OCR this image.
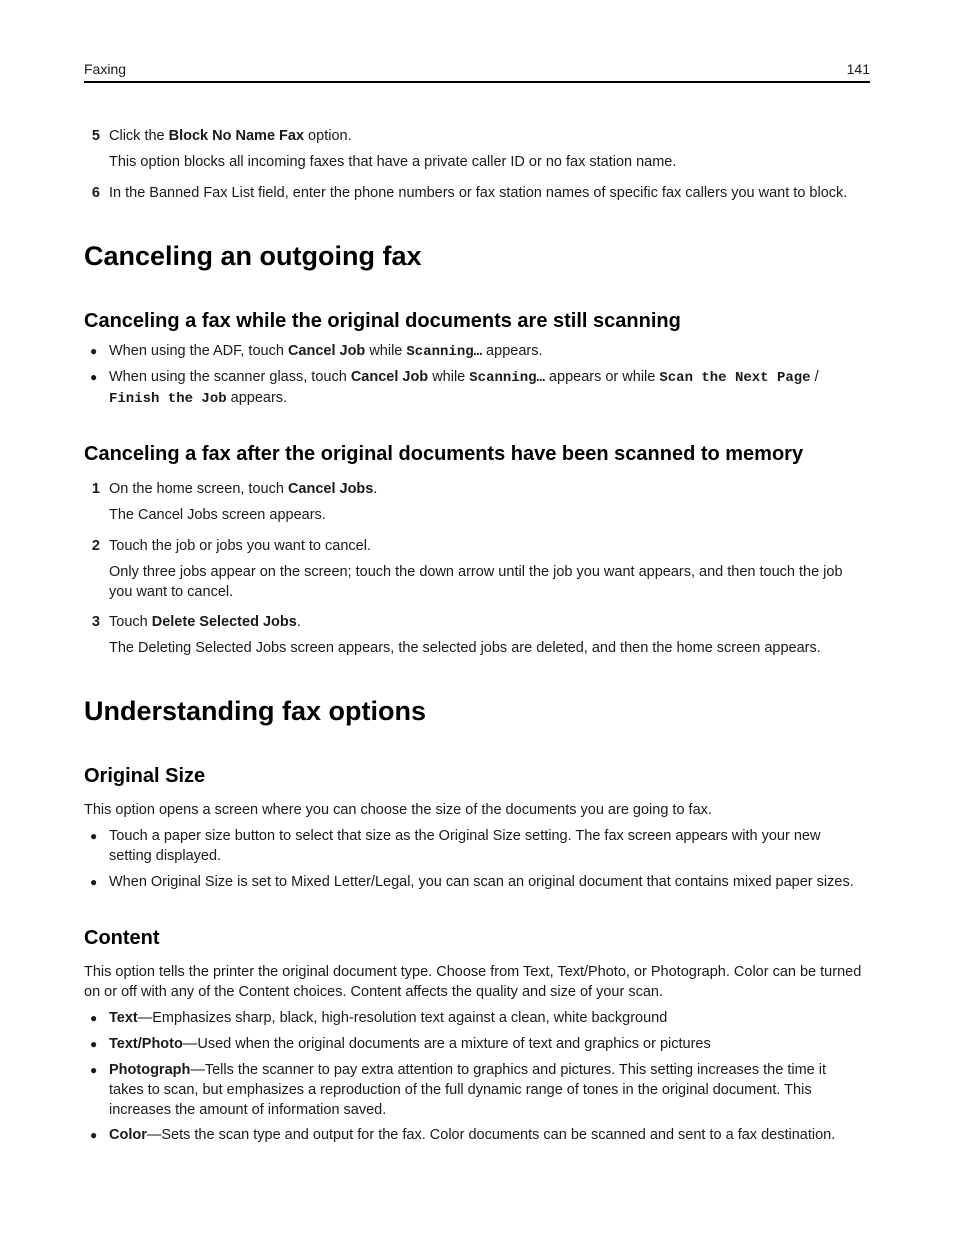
Faxing	141
5 Click the Block No Name Fax option.

This option blocks all incoming faxes that have a private caller ID or no fax station name.

6 In the Banned Fax List field, enter the phone numbers or fax station names of specific fax callers you want to block.

Canceling an outgoing fax
Canceling a fax while the original documents are still scanning
● When using the ADF, touch Cancel Job while Scanning… appears.

● When using the scanner glass, touch Cancel Job while Scanning… appears or while Scan the Next Page /
Finish the Job appears.

Canceling a fax after the original documents have been scanned to memory
1 On the home screen, touch Cancel Jobs.

The Cancel Jobs screen appears.

2 Touch the job or jobs you want to cancel.

Only three jobs appear on the screen; touch the down arrow until the job you want appears, and then touch the job you want to cancel.

3 Touch Delete Selected Jobs.

The Deleting Selected Jobs screen appears, the selected jobs are deleted, and then the home screen appears.

Understanding fax options
Original Size

This option opens a screen where you can choose the size of the documents you are going to fax.

● Touch a paper size button to select that size as the Original Size setting. The fax screen appears with your new setting displayed.

● When Original Size is set to Mixed Letter/Legal, you can scan an original document that contains mixed paper sizes.

Content

This option tells the printer the original document type. Choose from Text, Text/Photo, or Photograph. Color can be turned on or off with any of the Content choices. Content affects the quality and size of your scan.

● Text—Emphasizes sharp, black, high-resolution text against a clean, white background

● Text/Photo—Used when the original documents are a mixture of text and graphics or pictures

● Photograph—Tells the scanner to pay extra attention to graphics and pictures. This setting increases the time it takes to scan, but emphasizes a reproduction of the full dynamic range of tones in the original document. This increases the amount of information saved.

● Color—Sets the scan type and output for the fax. Color documents can be scanned and sent to a fax destination.
